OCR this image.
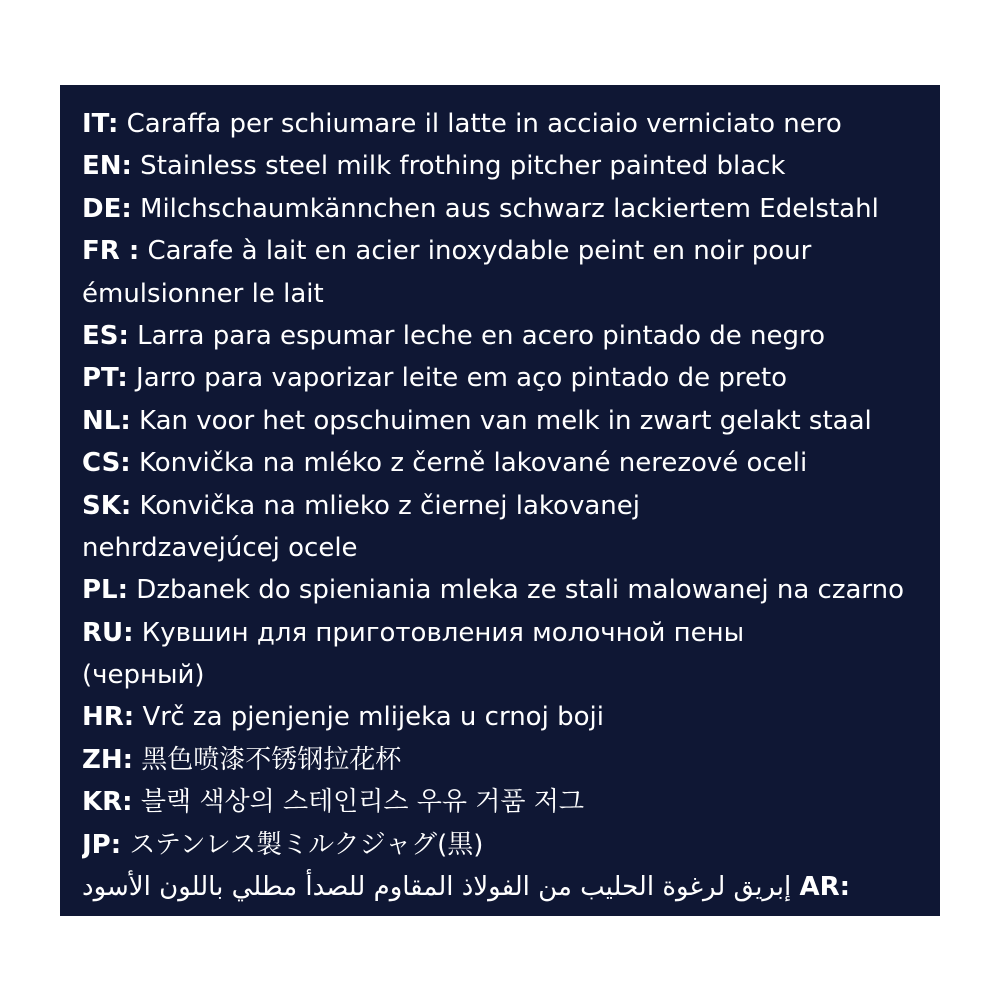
IT: Caraffa per schiumare il latte in acciaio verniciato nero
EN: Stainless steel milk frothing pitcher painted black
DE: Milchschaumkännchen aus schwarz lackiertem Edelstahl
FR : Carafe à lait en acier inoxydable peint en noir pour
émulsionner le lait
ES: Larra para espumar leche en acero pintado de negro
PT: Jarro para vaporizar leite em aço pintado de preto
NL: Kan voor het opschuimen van melk in zwart gelakt staal
CS: Konvička na mléko z černě lakované nerezové oceli
SK: Konvička na mlieko z čiernej lakovanej
nehrdzavejúcej ocele
PL: Dzbanek do spieniania mleka ze stali malowanej na czarno
RU: Кувшин для приготовления молочной пены
(черный)
HR: Vrč za pjenjenje mlijeka u crnoj boji
ZH: 黑色喷漆不锈钢拉花杯
KR: 블랙 색상의 스테인리스 우유 거품 저그
JP: ステンレス製ミルクジャグ(黒)
إبريق لرغوة الحليب من الفولاذ المقاوم للصدأ مطلي باللون الأسود AR:
